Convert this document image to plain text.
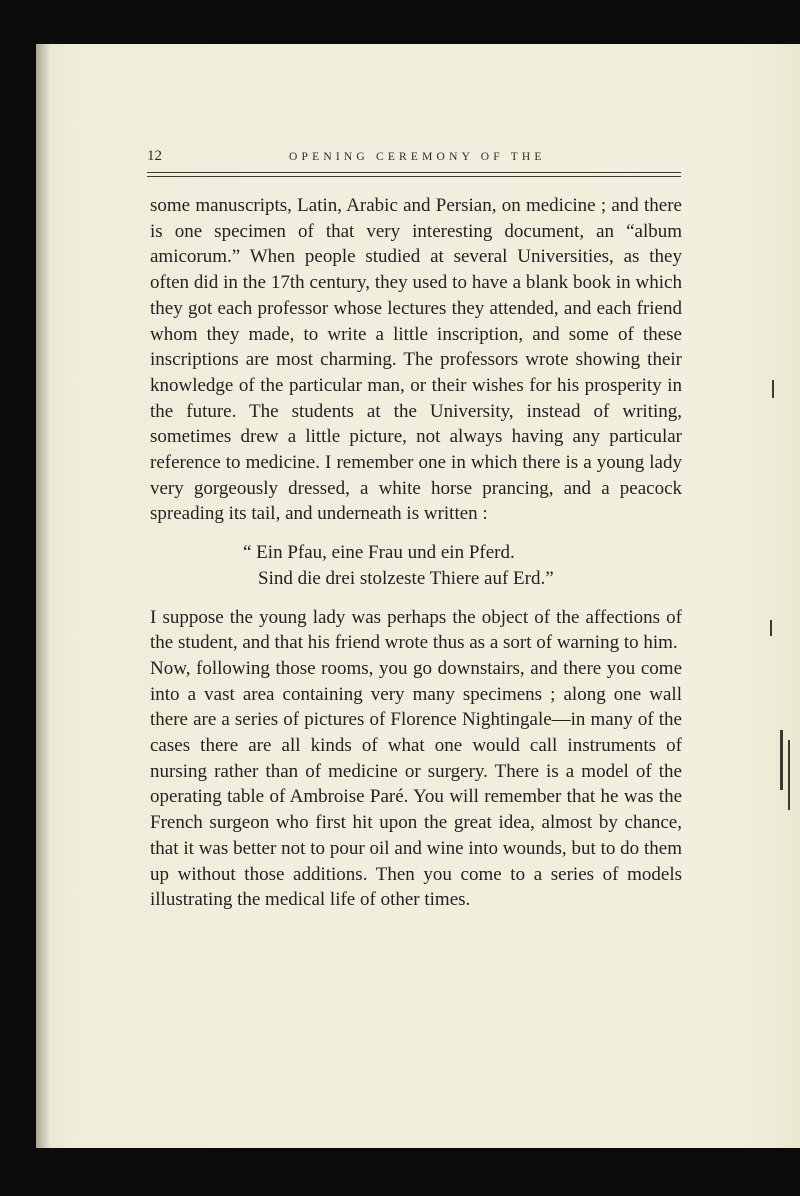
12	OPENING CEREMONY OF THE

some manuscripts, Latin, Arabic and Persian, on medicine ; and there is one specimen of that very interesting document, an “album amicorum.” When people studied at several Universities, as they often did in the 17th century, they used to have a blank book in which they got each professor whose lectures they attended, and each friend whom they made, to write a little inscription, and some of these inscriptions are most charming. The professors wrote showing their knowledge of the particular man, or their wishes for his prosperity in the future. The students at the University, instead of writing, sometimes drew a little picture, not always having any particular reference to medicine. I remember one in which there is a young lady very gorgeously dressed, a white horse prancing, and a peacock spreading its tail, and underneath is written :

“ Ein Pfau, eine Frau und ein Pferd.
Sind die drei stolzeste Thiere auf Erd.”

I suppose the young lady was perhaps the object of the affections of the student, and that his friend wrote thus as a sort of warning to him.

Now, following those rooms, you go downstairs, and there you come into a vast area containing very many specimens ; along one wall there are a series of pictures of Florence Nightingale—in many of the cases there are all kinds of what one would call instruments of nursing rather than of medicine or surgery. There is a model of the operating table of Ambroise Paré. You will remember that he was the French surgeon who first hit upon the great idea, almost by chance, that it was better not to pour oil and wine into wounds, but to do them up without those additions. Then you come to a series of models illustrating the medical life of other times.
